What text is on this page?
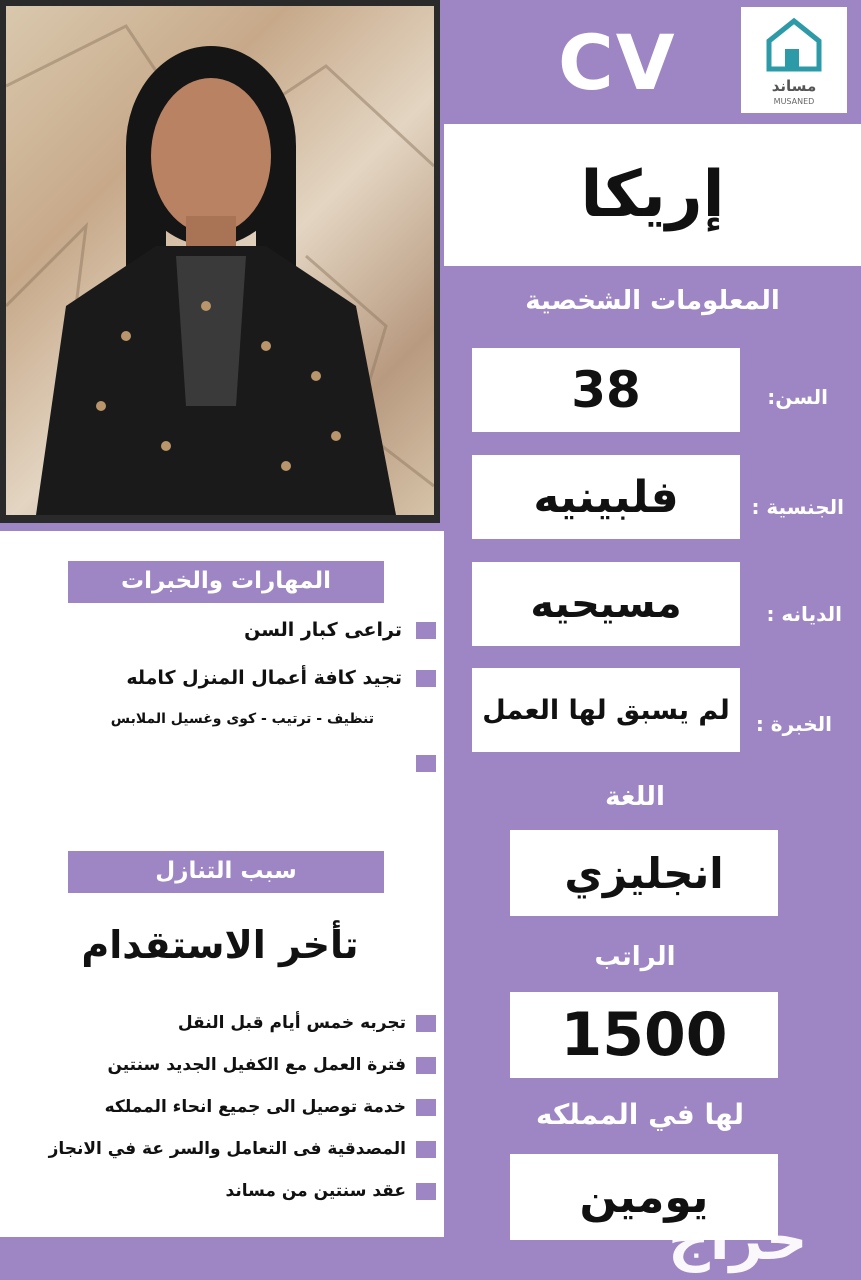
CV	مساند
MUSANED
إريكا
المعلومات الشخصية
38	السن:
فلبينيه	الجنسية :
مسيحيه	الديانه :
لم يسبق لها العمل	الخبرة :
اللغة
انجليزي
الراتب
1500
لها في المملكه
يومين
المهارات والخبرات
تراعى كبار السن
تجيد كافة أعمال المنزل كامله
تنظيف - ترتيب - كوى وغسيل الملابس
سبب التنازل
تأخر الاستقدام
تجربه خمس أيام قبل النقل
فترة العمل مع الكفيل الجديد سنتين
خدمة توصيل الى جميع انحاء المملكه
المصدقية فى التعامل والسر عة في الانجاز
عقد سنتين من مساند
حراج
